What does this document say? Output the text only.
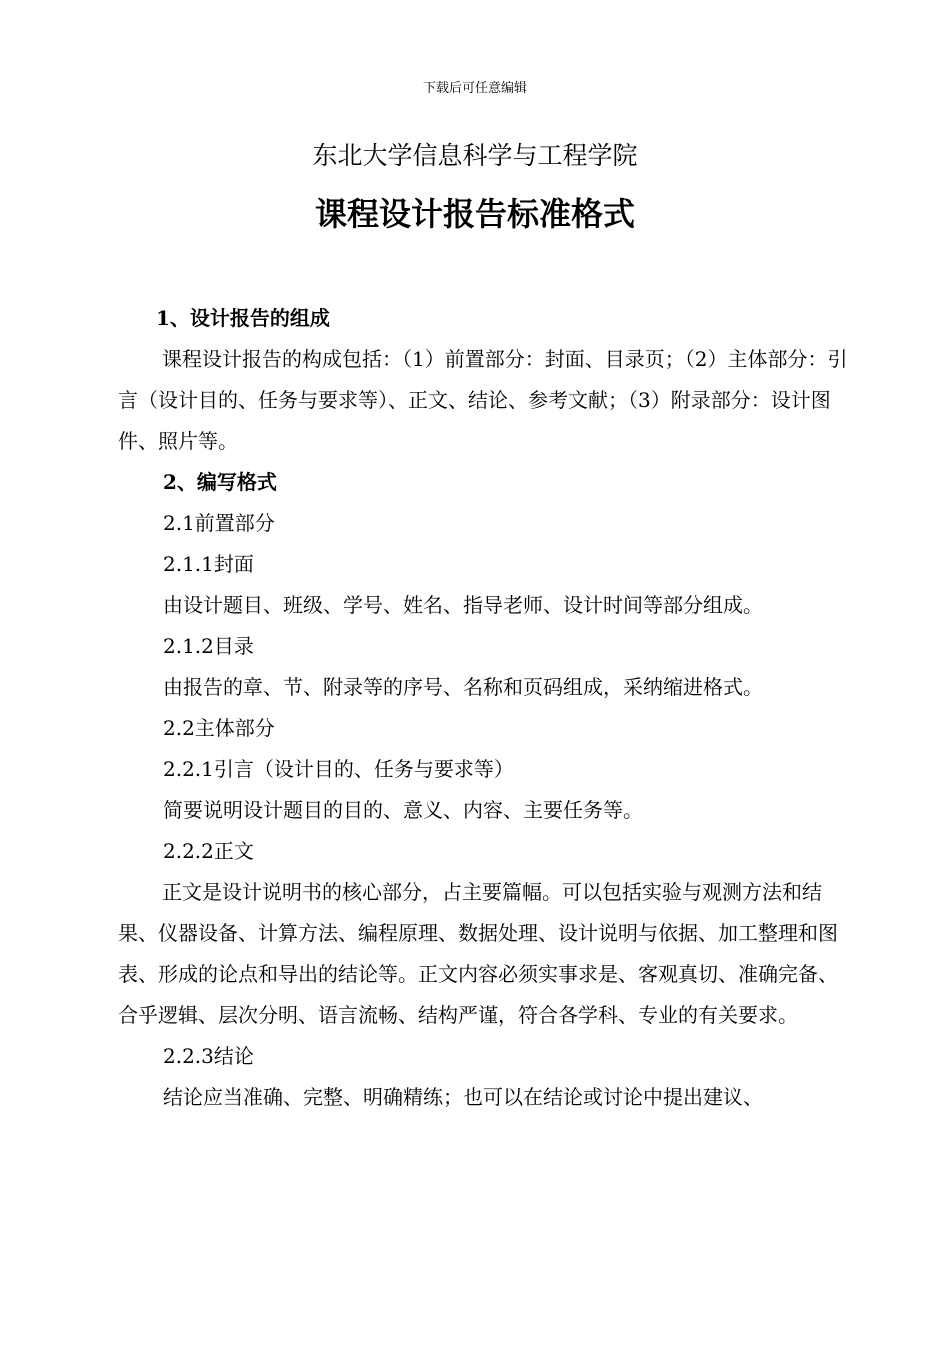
下载后可任意编辑
东北大学信息科学与工程学院
课程设计报告标准格式

1、设计报告的组成

课程设计报告的构成包括：（1）前置部分：封面、目录页；（2）主体部分：引言（设计目的、任务与要求等）、正文、结论、参考文献；（3）附录部分：设计图件、照片等。

2、编写格式

2.1前置部分

2.1.1封面

由设计题目、班级、学号、姓名、指导老师、设计时间等部分组成。

2.1.2目录

由报告的章、节、附录等的序号、名称和页码组成，采纳缩进格式。

2.2主体部分

2.2.1引言（设计目的、任务与要求等）

简要说明设计题目的目的、意义、内容、主要任务等。

2.2.2正文

正文是设计说明书的核心部分，占主要篇幅。可以包括实验与观测方法和结果、仪器设备、计算方法、编程原理、数据处理、设计说明与依据、加工整理和图表、形成的论点和导出的结论等。正文内容必须实事求是、客观真切、准确完备、合乎逻辑、层次分明、语言流畅、结构严谨，符合各学科、专业的有关要求。

2.2.3结论

结论应当准确、完整、明确精练；也可以在结论或讨论中提出建议、
